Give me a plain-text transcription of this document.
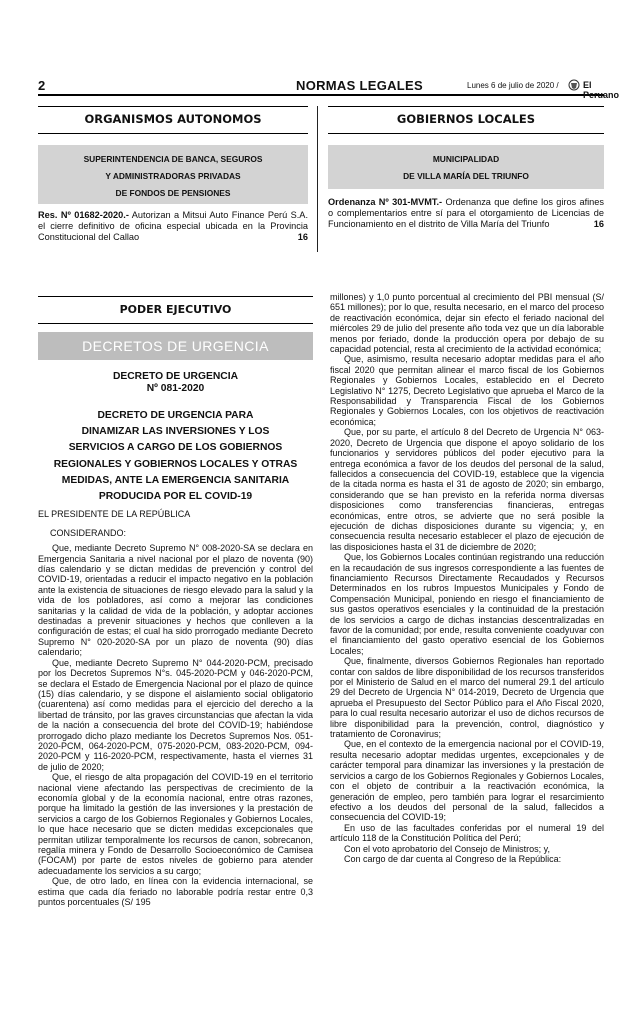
2	NORMAS LEGALES	Lunes 6 de julio de 2020 /	El Peruano
ORGANISMOS AUTONOMOS
SUPERINTENDENCIA DE BANCA, SEGUROS
Y ADMINISTRADORAS PRIVADAS
DE FONDOS DE PENSIONES
Res. Nº 01682-2020.- Autorizan a Mitsui Auto Finance Perú S.A. el cierre definitivo de oficina especial ubicada en la Provincia Constitucional del Callao	16
GOBIERNOS LOCALES
MUNICIPALIDAD
DE VILLA MARÍA DEL TRIUNFO
Ordenanza Nº 301-MVMT.- Ordenanza que define los giros afines o complementarios entre sí para el otorgamiento de Licencias de Funcionamiento en el distrito de Villa María del Triunfo	16
PODER EJECUTIVO
DECRETOS DE URGENCIA
DECRETO DE URGENCIA
Nº 081-2020
DECRETO DE URGENCIA PARA
DINAMIZAR LAS INVERSIONES Y LOS
SERVICIOS A CARGO DE LOS GOBIERNOS
REGIONALES Y GOBIERNOS LOCALES Y OTRAS
MEDIDAS, ANTE LA EMERGENCIA SANITARIA
PRODUCIDA POR EL COVID-19
EL PRESIDENTE DE LA REPÚBLICA
CONSIDERANDO:

Que, mediante Decreto Supremo N° 008-2020-SA se declara en Emergencia Sanitaria a nivel nacional por el plazo de noventa (90) días calendario y se dictan medidas de prevención y control del COVID-19, orientadas a reducir el impacto negativo en la población ante la existencia de situaciones de riesgo elevado para la salud y la vida de los pobladores, así como a mejorar las condiciones sanitarias y la calidad de vida de la población, y adoptar acciones destinadas a prevenir situaciones y hechos que conlleven a la configuración de estas; el cual ha sido prorrogado mediante Decreto Supremo N° 020-2020-SA por un plazo de noventa (90) días calendario;

Que, mediante Decreto Supremo N° 044-2020-PCM, precisado por los Decretos Supremos N°s. 045-2020-PCM y 046-2020-PCM, se declara el Estado de Emergencia Nacional por el plazo de quince (15) días calendario, y se dispone el aislamiento social obligatorio (cuarentena) así como medidas para el ejercicio del derecho a la libertad de tránsito, por las graves circunstancias que afectan la vida de la nación a consecuencia del brote del COVID-19; habiéndose prorrogado dicho plazo mediante los Decretos Supremos Nos. 051-2020-PCM, 064-2020-PCM, 075-2020-PCM, 083-2020-PCM, 094-2020-PCM y 116-2020-PCM, respectivamente, hasta el viernes 31 de julio de 2020;

Que, el riesgo de alta propagación del COVID-19 en el territorio nacional viene afectando las perspectivas de crecimiento de la economía global y de la economía nacional, entre otras razones, porque ha limitado la gestión de las inversiones y la prestación de servicios a cargo de los Gobiernos Regionales y Gobiernos Locales, lo que hace necesario que se dicten medidas excepcionales que permitan utilizar temporalmente los recursos de canon, sobrecanon, regalía minera y Fondo de Desarrollo Socioeconómico de Camisea (FOCAM) por parte de estos niveles de gobierno para atender adecuadamente los servicios a su cargo;

Que, de otro lado, en línea con la evidencia internacional, se estima que cada día feriado no laborable podría restar entre 0,3 puntos porcentuales (S/ 195

millones) y 1,0 punto porcentual al crecimiento del PBI mensual (S/ 651 millones); por lo que, resulta necesario, en el marco del proceso de reactivación económica, dejar sin efecto el feriado nacional del miércoles 29 de julio del presente año toda vez que un día laborable menos por feriado, donde la producción opera por debajo de su capacidad potencial, resta al crecimiento de la actividad económica;

Que, asimismo, resulta necesario adoptar medidas para el año fiscal 2020 que permitan alinear el marco fiscal de los Gobiernos Regionales y Gobiernos Locales, establecido en el Decreto Legislativo N° 1275, Decreto Legislativo que aprueba el Marco de la Responsabilidad y Transparencia Fiscal de los Gobiernos Regionales y Gobiernos Locales, con los objetivos de reactivación económica;

Que, por su parte, el artículo 8 del Decreto de Urgencia N° 063-2020, Decreto de Urgencia que dispone el apoyo solidario de los funcionarios y servidores públicos del poder ejecutivo para la entrega económica a favor de los deudos del personal de la salud, fallecidos a consecuencia del COVID-19, establece que la vigencia de la citada norma es hasta el 31 de agosto de 2020; sin embargo, considerando que se han previsto en la referida norma diversas disposiciones como transferencias financieras, entregas económicas, entre otros, se advierte que no será posible la ejecución de dichas disposiciones durante su vigencia; y, en consecuencia resulta necesario establecer el plazo de ejecución de las disposiciones hasta el 31 de diciembre de 2020;

Que, los Gobiernos Locales continúan registrando una reducción en la recaudación de sus ingresos correspondiente a las fuentes de financiamiento Recursos Directamente Recaudados y Recursos Determinados en los rubros Impuestos Municipales y Fondo de Compensación Municipal, poniendo en riesgo el financiamiento de sus gastos operativos esenciales y la continuidad de la prestación de los servicios a cargo de dichas instancias descentralizadas en favor de la comunidad; por ende, resulta conveniente coadyuvar con el financiamiento del gasto operativo esencial de los Gobiernos Locales;

Que, finalmente, diversos Gobiernos Regionales han reportado contar con saldos de libre disponibilidad de los recursos transferidos por el Ministerio de Salud en el marco del numeral 29.1 del artículo 29 del Decreto de Urgencia N° 014-2019, Decreto de Urgencia que aprueba el Presupuesto del Sector Público para el Año Fiscal 2020, para lo cual resulta necesario autorizar el uso de dichos recursos de libre disponibilidad para la prevención, control, diagnóstico y tratamiento de Coronavirus;

Que, en el contexto de la emergencia nacional por el COVID-19, resulta necesario adoptar medidas urgentes, excepcionales y de carácter temporal para dinamizar las inversiones y la prestación de servicios a cargo de los Gobiernos Regionales y Gobiernos Locales, con el objeto de contribuir a la reactivación económica, la generación de empleo, pero también para lograr el resarcimiento efectivo a los deudos del personal de la salud, fallecidos a consecuencia del COVID-19;

En uso de las facultades conferidas por el numeral 19 del artículo 118 de la Constitución Política del Perú;

Con el voto aprobatorio del Consejo de Ministros; y,

Con cargo de dar cuenta al Congreso de la República:
